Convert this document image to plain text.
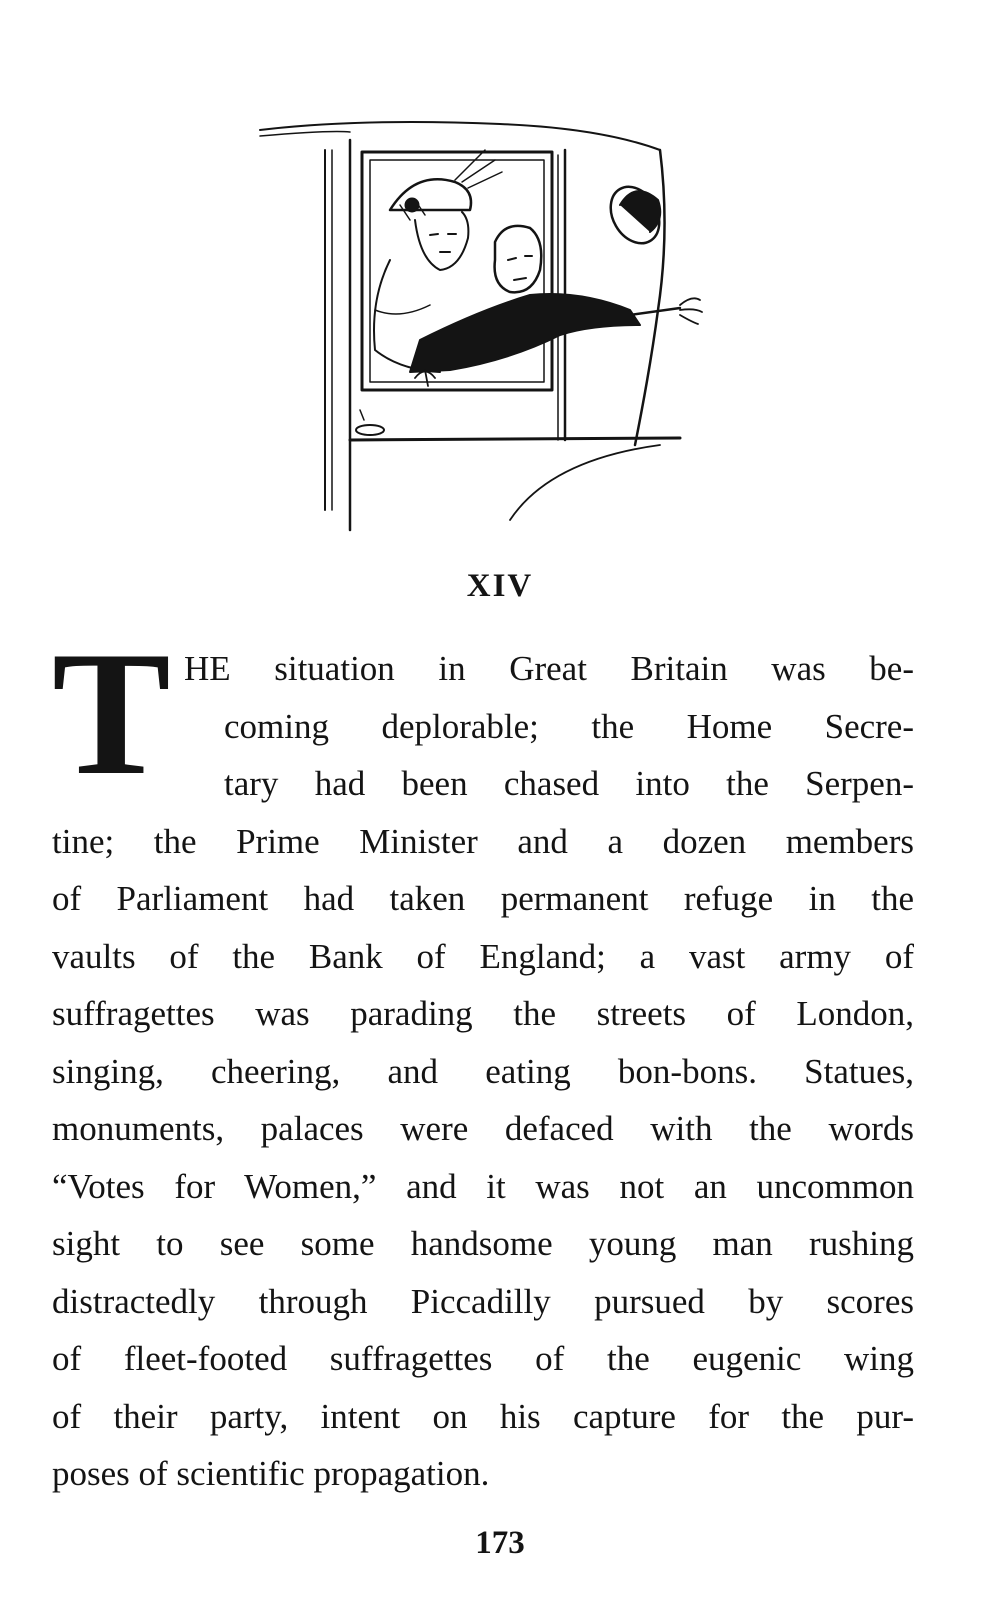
XIV
T HE situation in Great Britain was be-
coming deplorable; the Home Secre-
tary had been chased into the Serpen-
tine; the Prime Minister and a dozen members
of Parliament had taken permanent refuge in the
vaults of the Bank of England; a vast army of
suffragettes was parading the streets of London,
singing, cheering, and eating bon-bons. Statues,
monuments, palaces were defaced with the words
“Votes for Women,” and it was not an uncommon
sight to see some handsome young man rushing
distractedly through Piccadilly pursued by scores
of fleet-footed suffragettes of the eugenic wing
of their party, intent on his capture for the pur-
poses of scientific propagation.
173
